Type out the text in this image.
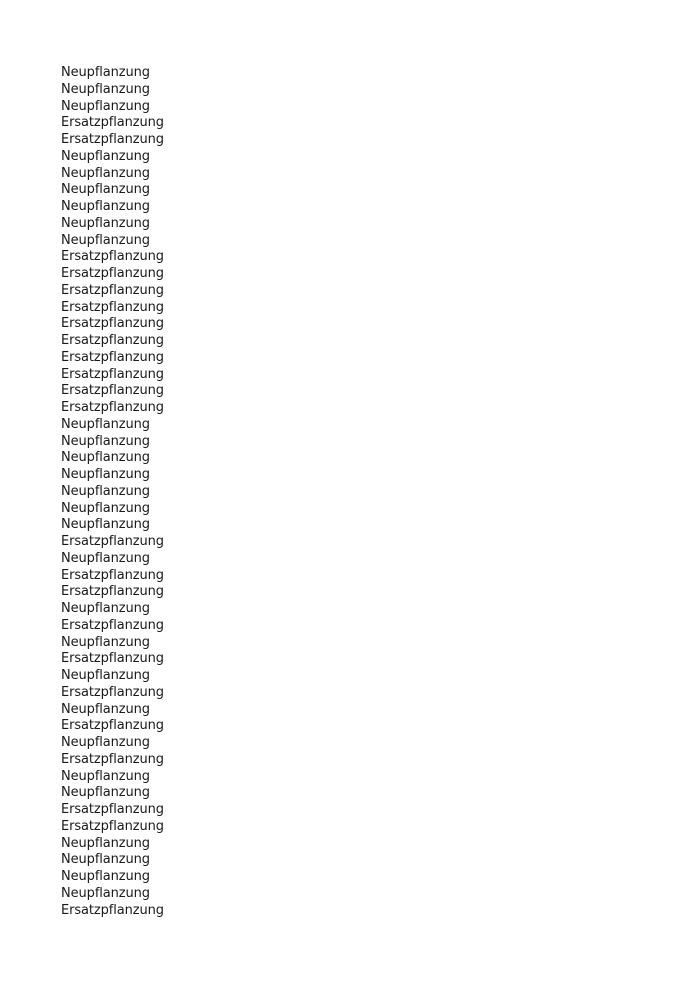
Neupflanzung
Neupflanzung
Neupflanzung
Ersatzpflanzung
Ersatzpflanzung
Neupflanzung
Neupflanzung
Neupflanzung
Neupflanzung
Neupflanzung
Neupflanzung
Ersatzpflanzung
Ersatzpflanzung
Ersatzpflanzung
Ersatzpflanzung
Ersatzpflanzung
Ersatzpflanzung
Ersatzpflanzung
Ersatzpflanzung
Ersatzpflanzung
Ersatzpflanzung
Neupflanzung
Neupflanzung
Neupflanzung
Neupflanzung
Neupflanzung
Neupflanzung
Neupflanzung
Ersatzpflanzung
Neupflanzung
Ersatzpflanzung
Ersatzpflanzung
Neupflanzung
Ersatzpflanzung
Neupflanzung
Ersatzpflanzung
Neupflanzung
Ersatzpflanzung
Neupflanzung
Ersatzpflanzung
Neupflanzung
Ersatzpflanzung
Neupflanzung
Neupflanzung
Ersatzpflanzung
Ersatzpflanzung
Neupflanzung
Neupflanzung
Neupflanzung
Neupflanzung
Ersatzpflanzung
